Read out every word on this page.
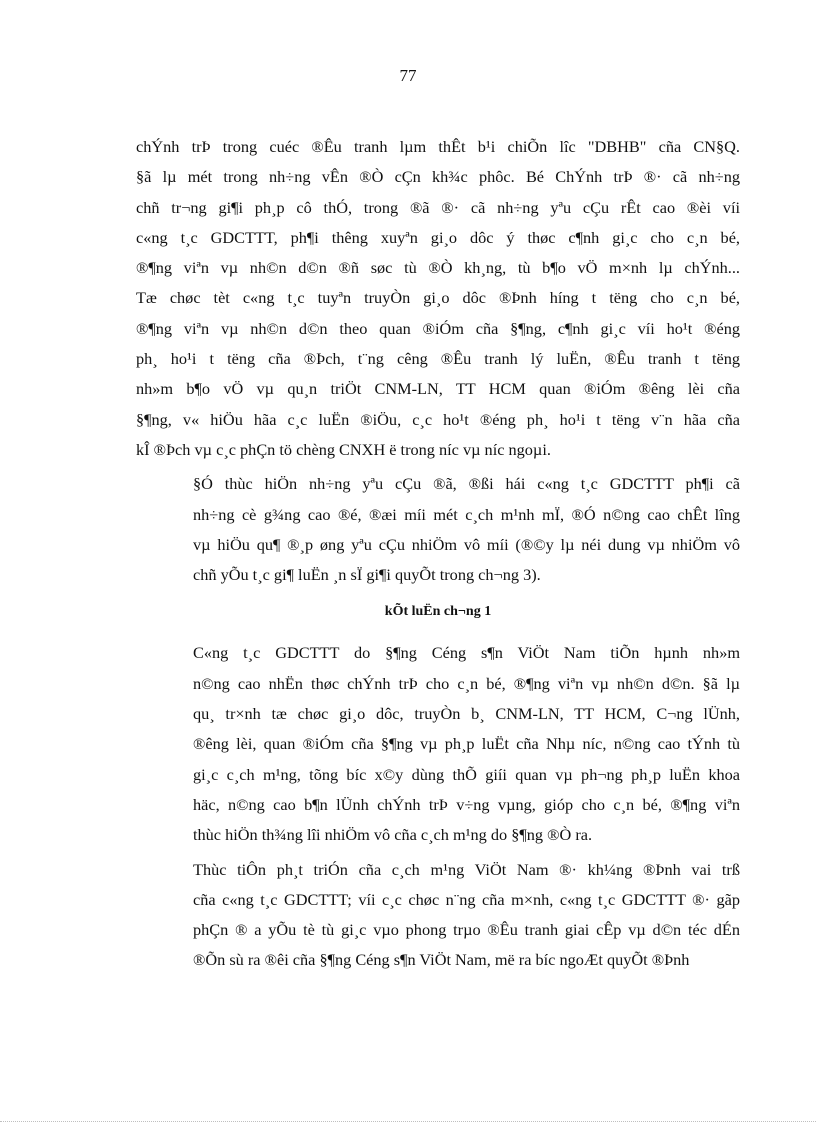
77

chÝnh trÞ trong cuéc ®Êu tranh lµm thÊt b¹i chiÕn lîc "DBHB" cña CN§Q.
§ã lµ mét trong nh÷ng vÊn ®Ò cÇn kh¾c phôc. Bé ChÝnh trÞ ®· cã nh÷ng
chñ tr¬ng gi¶i ph¸p cô thÓ, trong ®ã ®· cã nh÷ng yªu cÇu rÊt cao ®èi víi
c«ng t¸c GDCTTT, ph¶i thêng xuyªn gi¸o dôc ý thøc c¶nh gi¸c cho c¸n bé,
®¶ng viªn vµ nh©n d©n ®ñ søc tù ®Ò kh¸ng, tù b¶o vÖ m×nh lµ chÝnh...
Tæ chøc tèt c«ng t¸c tuyªn truyÒn gi¸o dôc ®Þnh híng t tëng cho c¸n bé,
®¶ng viªn vµ nh©n d©n theo quan ®iÓm cña §¶ng, c¶nh gi¸c víi ho¹t ®éng
ph¸ ho¹i t tëng cña ®Þch, t¨ng cêng ®Êu tranh lý luËn, ®Êu tranh t tëng
nh»m b¶o vÖ vµ qu¸n triÖt CNM-LN, TT HCM quan ®iÓm ®êng lèi cña
§¶ng, v« hiÖu hãa c¸c luËn ®iÖu, c¸c ho¹t ®éng ph¸ ho¹i t tëng v¨n hãa cña
kÎ ®Þch vµ c¸c phÇn tö chèng CNXH ë trong níc vµ níc ngoµi.

§Ó thùc hiÖn nh÷ng yªu cÇu ®ã, ®ßi hái c«ng t¸c GDCTTT ph¶i cã
nh÷ng cè g¾ng cao ®é, ®æi míi mét c¸ch m¹nh mÏ, ®Ó n©ng cao chÊt lîng
vµ hiÖu qu¶ ®¸p øng yªu cÇu nhiÖm vô míi (®©y lµ néi dung vµ nhiÖm vô
chñ yÕu t¸c gi¶ luËn ¸n sÏ gi¶i quyÕt trong ch¬ng 3).

kÕt luËn ch¬ng 1

C«ng t¸c GDCTTT do §¶ng Céng s¶n ViÖt Nam tiÕn hµnh nh»m
n©ng cao nhËn thøc chÝnh trÞ cho c¸n bé, ®¶ng viªn vµ nh©n d©n. §ã lµ
qu¸ tr×nh tæ chøc gi¸o dôc, truyÒn b¸ CNM-LN, TT HCM, C¬ng lÜnh,
®êng lèi, quan ®iÓm cña §¶ng vµ ph¸p luËt cña Nhµ níc, n©ng cao tÝnh tù
gi¸c c¸ch m¹ng, tõng bíc x©y dùng thÕ giíi quan vµ ph¬ng ph¸p luËn khoa
häc, n©ng cao b¶n lÜnh chÝnh trÞ v÷ng vµng, gióp cho c¸n bé, ®¶ng viªn
thùc hiÖn th¾ng lîi nhiÖm vô cña c¸ch m¹ng do §¶ng ®Ò ra.

Thùc tiÔn ph¸t triÓn cña c¸ch m¹ng ViÖt Nam ®· kh¼ng ®Þnh vai trß
cña c«ng t¸c GDCTTT; víi c¸c chøc n¨ng cña m×nh, c«ng t¸c GDCTTT ®· gãp
phÇn ® a yÕu tè tù gi¸c vµo phong trµo ®Êu tranh giai cÊp vµ d©n téc dÉn
®Õn sù ra ®êi cña §¶ng Céng s¶n ViÖt Nam, më ra bíc ngoÆt quyÕt ®Þnh
